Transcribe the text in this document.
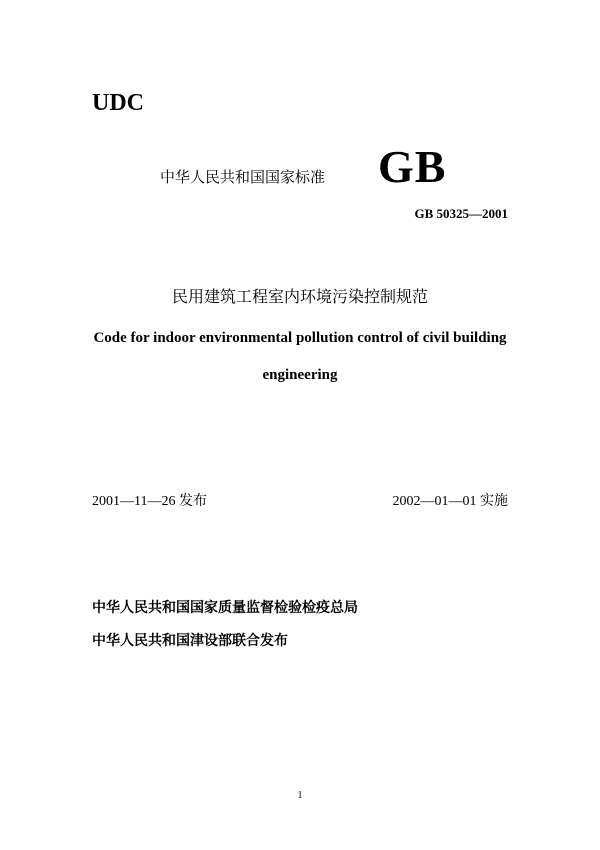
UDC
中华人民共和国国家标准 GB
GB 50325—2001
民用建筑工程室内环境污染控制规范
Code for indoor environmental pollution control of civil building
engineering
2001—11—26 发布	2002—01—01 实施
中华人民共和国国家质量监督检验检疫总局
中华人民共和国津设部联合发布
1
